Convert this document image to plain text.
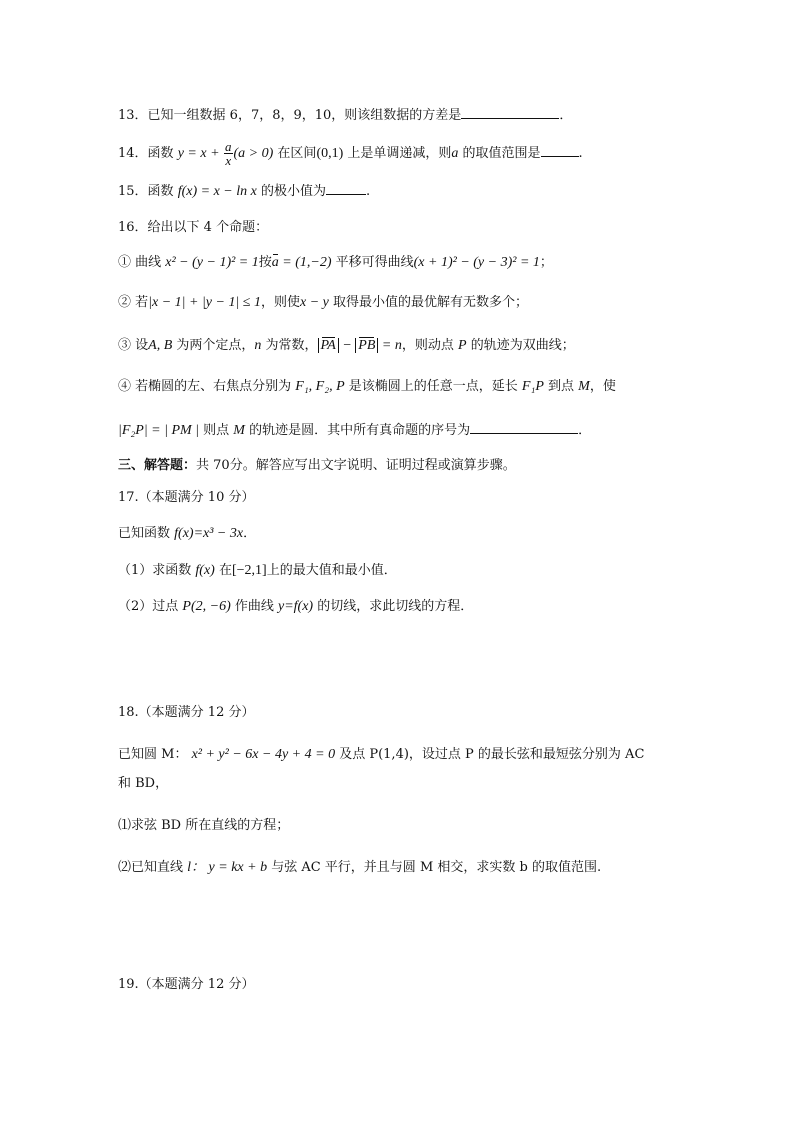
13．已知一组数据 6，7，8，9，10，则该组数据的方差是	．
14．函数 $y = x + \frac{a}{x} (a > 0)$ 在区间(0,1) 上是单调递减，则a 的取值范围是	.
15．函数 f(x) = x − ln x 的极小值为	.
16．给出以下 4 个命题：
① 曲线 x² − (y − 1)² = 1按a = (1,−2) 平移可得曲线(x + 1)² − (y − 3)² = 1；
② 若|x − 1| + |y − 1| ≤ 1，则使x − y 取得最小值的最优解有无数多个；
③ 设A, B 为两个定点，n 为常数， PA − PB = n，则动点 P 的轨迹为双曲线；
④ 若椭圆的左、右焦点分别为 F₁, F₂, P 是该椭圆上的任意一点，延长 F₁P 到点 M，使
|F₂P| = | PM | 则点 M 的轨迹是圆．其中所有真命题的序号为	．
三、解答题：共 70分。解答应写出文字说明、证明过程或演算步骤。
17.（本题满分 10 分）
已知函数 f(x)=x³ − 3x．
（1）求函数 f(x) 在[−2,1]上的最大值和最小值．
（2）过点 P(2, −6) 作曲线 y=f(x) 的切线，求此切线的方程．
18.（本题满分 12 分）
已知圆 M： x² + y² − 6x − 4y + 4 = 0 及点 P(1,4)，设过点 P 的最长弦和最短弦分别为 AC
和 BD，
⑴求弦 BD 所在直线的方程；
⑵已知直线 l： y = kx + b 与弦 AC 平行，并且与圆 M 相交，求实数 b 的取值范围.
19.（本题满分 12 分）
